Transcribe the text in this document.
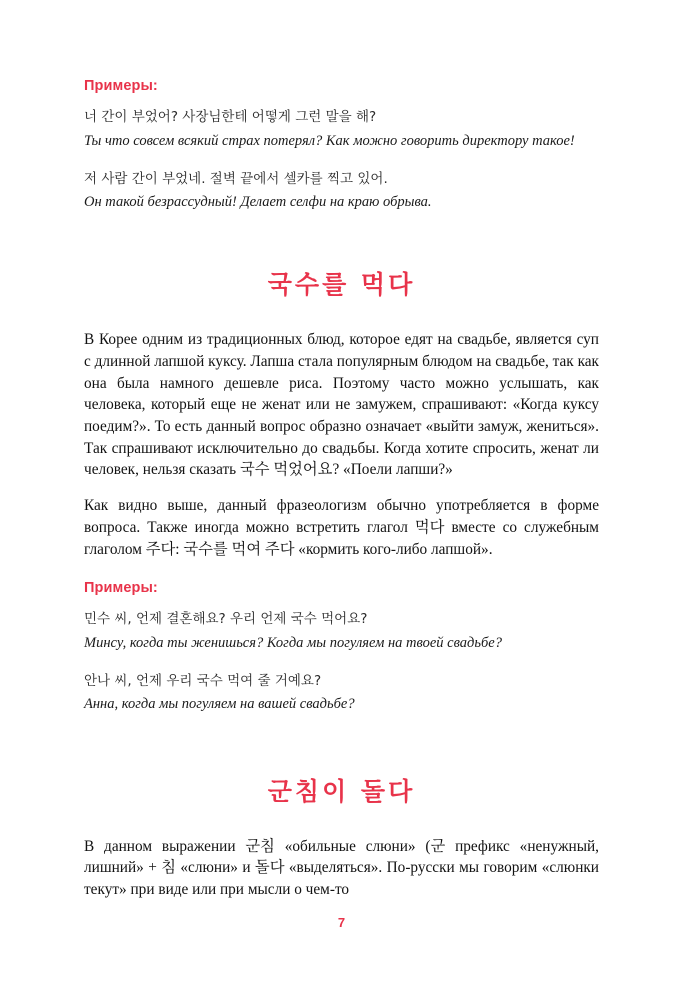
Примеры:

너 간이 부었어? 사장님한테 어떻게 그런 말을 해?

Ты что совсем всякий страх потерял? Как можно говорить директору такое!

저 사람 간이 부었네. 절벽 끝에서 셀카를 찍고 있어.

Он такой безрассудный! Делает селфи на краю обрыва.

국수를 먹다

В Корее одним из традиционных блюд, которое едят на свадьбе, является суп с длинной лапшой куксу. Лапша стала популярным блюдом на свадьбе, так как она была намного дешевле риса. Поэтому часто можно услышать, как человека, который еще не женат или не замужем, спрашивают: «Когда куксу поедим?». То есть данный вопрос образно означает «выйти замуж, жениться». Так спрашивают исключительно до свадьбы. Когда хотите спросить, женат ли человек, нельзя сказать 국수 먹었어요? «Поели лапши?»

Как видно выше, данный фразеологизм обычно употребляется в форме вопроса. Также иногда можно встретить глагол 먹다 вместе со служебным глаголом 주다: 국수를 먹여 주다 «кормить кого-либо лапшой».

Примеры:

민수 씨, 언제 결혼해요? 우리 언제 국수 먹어요?

Минсу, когда ты женишься? Когда мы погуляем на твоей свадьбе?

안나 씨, 언제 우리 국수 먹여 줄 거예요?

Анна, когда мы погуляем на вашей свадьбе?

군침이 돌다

В данном выражении 군침 «обильные слюни» (군 префикс «ненужный, лишний» + 침 «слюни» и 돌다 «выделяться». По-русски мы говорим «слюнки текут» при виде или при мысли о чем-то

7
